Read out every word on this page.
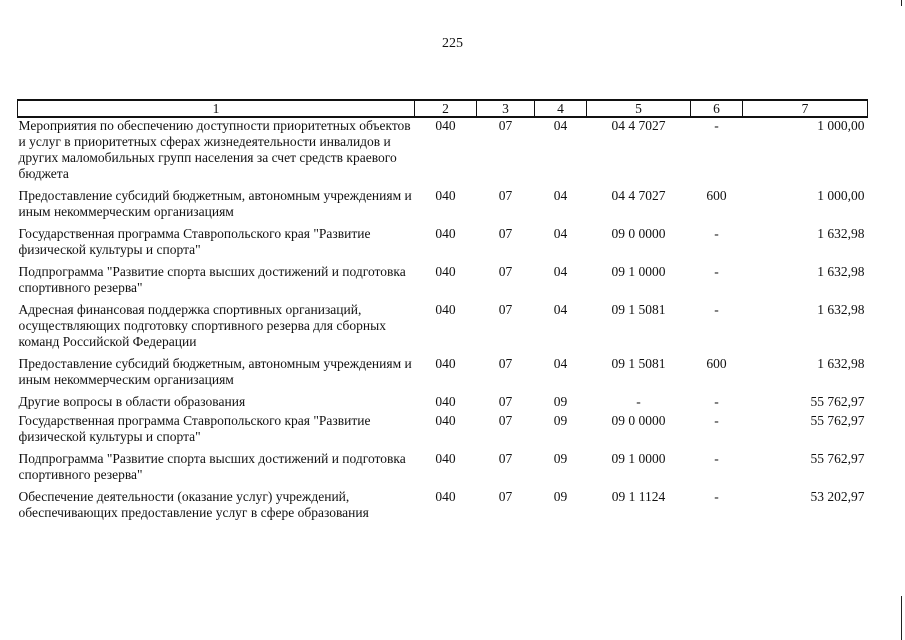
225
1	2	3	4	5	6	7
Мероприятия по обеспечению доступности приоритетных объектов и услуг в приоритетных сферах жизнедеятельности инвалидов и других маломобильных групп населения за счет средств краевого бюджета	040	07	04	04 4 7027	-	1 000,00
Предоставление субсидий бюджетным, автономным учреждениям и иным некоммерческим организациям	040	07	04	04 4 7027	600	1 000,00
Государственная программа Ставропольского края "Развитие физической культуры и спорта"	040	07	04	09 0 0000	-	1 632,98
Подпрограмма "Развитие спорта высших достижений и подготовка спортивного резерва"	040	07	04	09 1 0000	-	1 632,98
Адресная финансовая поддержка спортивных организаций, осуществляющих подготовку спортивного резерва для сборных команд Российской Федерации	040	07	04	09 1 5081	-	1 632,98
Предоставление субсидий бюджетным, автономным учреждениям и иным некоммерческим организациям	040	07	04	09 1 5081	600	1 632,98
Другие вопросы в области образования	040	07	09	-	-	55 762,97
Государственная программа Ставропольского края "Развитие физической культуры и спорта"	040	07	09	09 0 0000	-	55 762,97
Подпрограмма "Развитие спорта высших достижений и подготовка спортивного резерва"	040	07	09	09 1 0000	-	55 762,97
Обеспечение деятельности (оказание услуг) учреждений, обеспечивающих предоставление услуг в сфере образования	040	07	09	09 1 1124	-	53 202,97
